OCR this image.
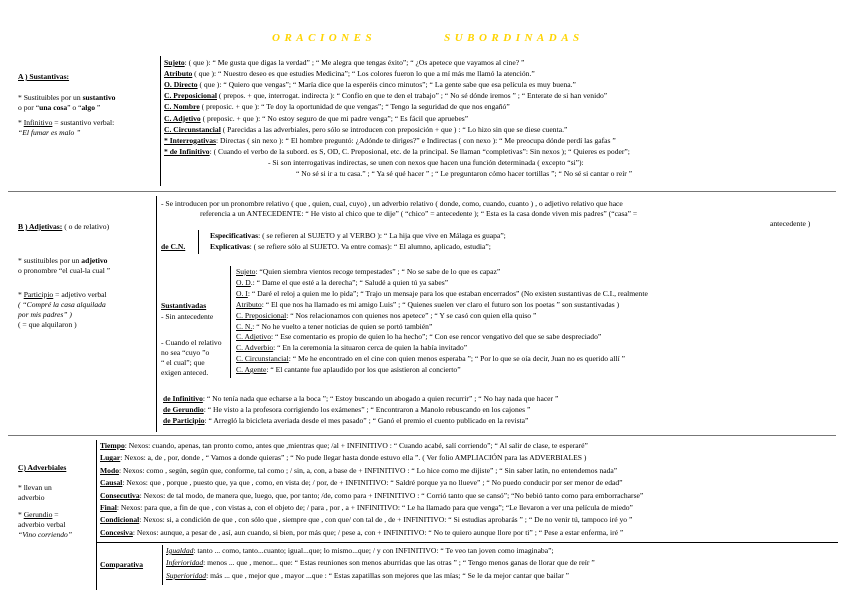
ORACIONES	SUBORDINADAS
A ) Sustantivas:
* Sustituibles por un sustantivo
o por “una cosa” o “algo ”
* Infinitivo = sustantivo verbal:
“El fumar es malo ”
Sujeto: ( que ): “ Me gusta que digas la verdad” ; “ Me alegra que tengas éxito”; “ ¿Os apetece que vayamos al cine? ”
Atributo ( que ): “ Nuestro deseo es que estudies Medicina”; “ Los colores fueron lo que a mí más me llamó la atención.”
O. Directo ( que ): “ Quiero que vengas”; “ María dice que la esperéis cinco minutos”; “ La gente sabe que esa película es muy buena.”
C. Preposicional ( prepos. + que, interrogat. indirecta ): “ Confío en que te den el trabajo” ; “ No sé dónde iremos ” ; “ Enterate de si han venido”
C. Nombre ( preposic. + que ): “ Te doy la oportunidad de que vengas”; “ Tengo la seguridad de que nos engañó”
C. Adjetivo ( preposic. + que ): “ No estoy seguro de que mi padre venga”; “ Es fácil que apruebes”
C. Circunstancial ( Parecidas a las adverbiales, pero sólo se introducen con preposición + que ) : “ Lo hizo sin que se diese cuenta.”
* Interrogativas: Directas ( sin nexo ): “ El hombre preguntó: ¿Adónde te diriges?” e Indirectas ( con nexo ): “ Me preocupa dónde perdí las gafas ”
* de Infinitivo: ( Cuando el verbo de la subord. es S, OD, C. Preposional, etc. de la principal. Se llaman “completivas”: Sin nexos ); “ Quieres es poder”;
- Si son interrogativas indirectas, se unen con nexos que hacen una función determinada ( excepto “si”):
“ No sé si ir a tu casa.” ; “ Ya sé qué hacer ” ; “ Le preguntaron cómo hacer tortillas ”; “ No sé si cantar o reír ”
B ) Adjetivas: ( o de relativo)
* sustituibles por un adjetivo
o pronombre “el cual-la cual ”
* Participio = adjetivo verbal
( “Compré la casa alquilada
por mis padres” )
( = que alquilaron )
- Se introducen por un pronombre relativo ( que , quien, cual, cuyo) , un adverbio relativo ( donde, como, cuando, cuanto ) , o adjetivo relativo que hace
referencia a un ANTECEDENTE: “ He visto al chico que te dije” ( “chico” = antecedente ); “ Esta es la casa donde viven mis padres” (“casa” =
antecedente )
de C.N.
Especificativas: ( se refieren al SUJETO y al VERBO ): “ La hija que vive en Málaga es guapa”;
Explicativas: ( se refiere sólo al SUJETO. Va entre comas): “ El alumno, aplicado, estudia”;
Sustantivadas
- Sin antecedente
- Cuando el relativo
no sea “cuyo ”o
“ el cual”; que
exigen anteced.
Sujeto: “Quien siembra vientos recoge tempestades” ; “ No se sabe de lo que es capaz”
O. D.: “ Dame el que esté a la derecha”; “ Saludé a quien tú ya sabes”
O. I: “ Daré el reloj a quien me lo pida”; “ Trajo un mensaje para los que estaban encerrados” (No existen sustantivas de C.I., realmente
Atributo: “ El que nos ha llamado es mi amigo Luis” ; “ Quienes suelen ver claro el futuro son los poetas ” son sustantivadas )
C. Preposicional: “ Nos relacionamos con quienes nos apetece” ; “ Y se casó con quien ella quiso ”
C. N.: “ No he vuelto a tener noticias de quien se portó también”
C. Adjetivo: “ Ese comentario es propio de quien lo ha hecho”; “ Con ese rencor vengativo del que se sabe despreciado”
C. Adverbio: “ En la ceremonia la situaron cerca de quien la había invitado”
C. Circunstancial: “ Me he encontrado en el cine con quien menos esperaba ”; “ Por lo que se oía decir, Juan no es querido allí ”
C. Agente: “ El cantante fue aplaudido por los que asistieron al concierto”
de Infinitivo: “ No tenía nada que echarse a la boca ”; “ Estoy buscando un abogado a quien recurrir” ; “ No hay nada que hacer ”
de Gerundio: “ He visto a la profesora corrigiendo los exámenes” ; “ Encontraron a Manolo rebuscando en los cajones ”
de Participio: “ Arregló la bicicleta averiada desde el mes pasado” ; “ Ganó el premio el cuento publicado en la revista”
C) Adverbiales
* llevan un
adverbio
* Gerundio =
adverbio verbal
“Vino corriendo”
Tiempo: Nexos: cuando, apenas, tan pronto como, antes que ,mientras que; /al + INFINITIVO : “ Cuando acabé, salí corriendo”; “ Al salir de clase, te esperaré”
Lugar: Nexos: a, de , por, donde , “ Vamos a donde quieras” ; “ No pude llegar hasta donde estuvo ella ”. ( Ver folio AMPLIACIÓN para las ADVERBIALES )
Modo: Nexos: como , según, según que, conforme, tal como ; / sin, a, con, a base de + INFINITIVO : “ Lo hice como me dijiste” ; “ Sin saber latín, no entendemos nada”
Causal: Nexos: que , porque , puesto que, ya que , como, en vista de; / por, de + INFINITIVO: “ Saldré porque ya no llueve” ; “ No puedo conducir por ser menor de edad”
Consecutiva: Nexos: de tal modo, de manera que, luego, que, por tanto; /de, como para + INFINITIVO : “ Corrió tanto que se cansó”; “No bebió tanto como para emborracharse”
Final: Nexos: para que, a fin de que , con vistas a, con el objeto de; / para , por , a + INFINITIVO: “ Le ha llamado para que venga”; “Le llevaron a ver una película de miedo”
Condicional: Nexos: si, a condición de que , con sólo que , siempre que , con que/ con tal de , de + INFINITIVO: “ Si estudias aprobarás ” ; “ De no venir tú, tampoco iré yo ”
Concesiva: Nexos: aunque, a pesar de , así, aun cuando, si bien, por más que; / pese a, con + INFINITIVO: “ No te quiero aunque llore por ti” ; “ Pese a estar enferma, iré ”
Comparativa
Igualdad: tanto ... como, tanto...cuanto; igual...que; lo mismo...que; / y con INFINITIVO: “ Te veo tan joven como imaginaba”;
Inferioridad: menos ... que , menor... que: “ Estas reuniones son menos aburridas que las otras ” ; “ Tengo menos ganas de llorar que de reír ”
Superioridad: más ... que , mejor que , mayor ...que : “ Estas zapatillas son mejores que las mías; “ Se le da mejor cantar que bailar ”
